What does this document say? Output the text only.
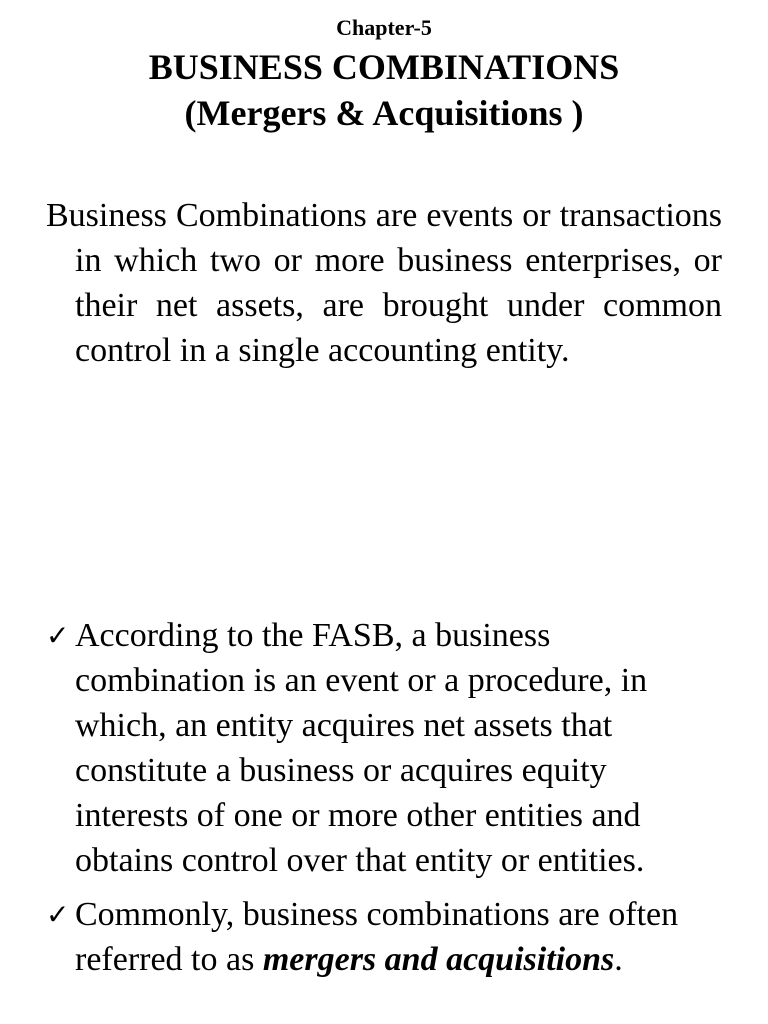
Chapter-5
BUSINESS COMBINATIONS
(Mergers & Acquisitions )

Business Combinations are events or transactions in which two or more business enterprises, or their net assets, are brought under common control in a single accounting entity.

✓ According to the FASB, a business combination is an event or a procedure, in which, an entity acquires net assets that constitute a business or acquires equity interests of one or more other entities and obtains control over that entity or entities.
✓ Commonly, business combinations are often referred to as mergers and acquisitions.
